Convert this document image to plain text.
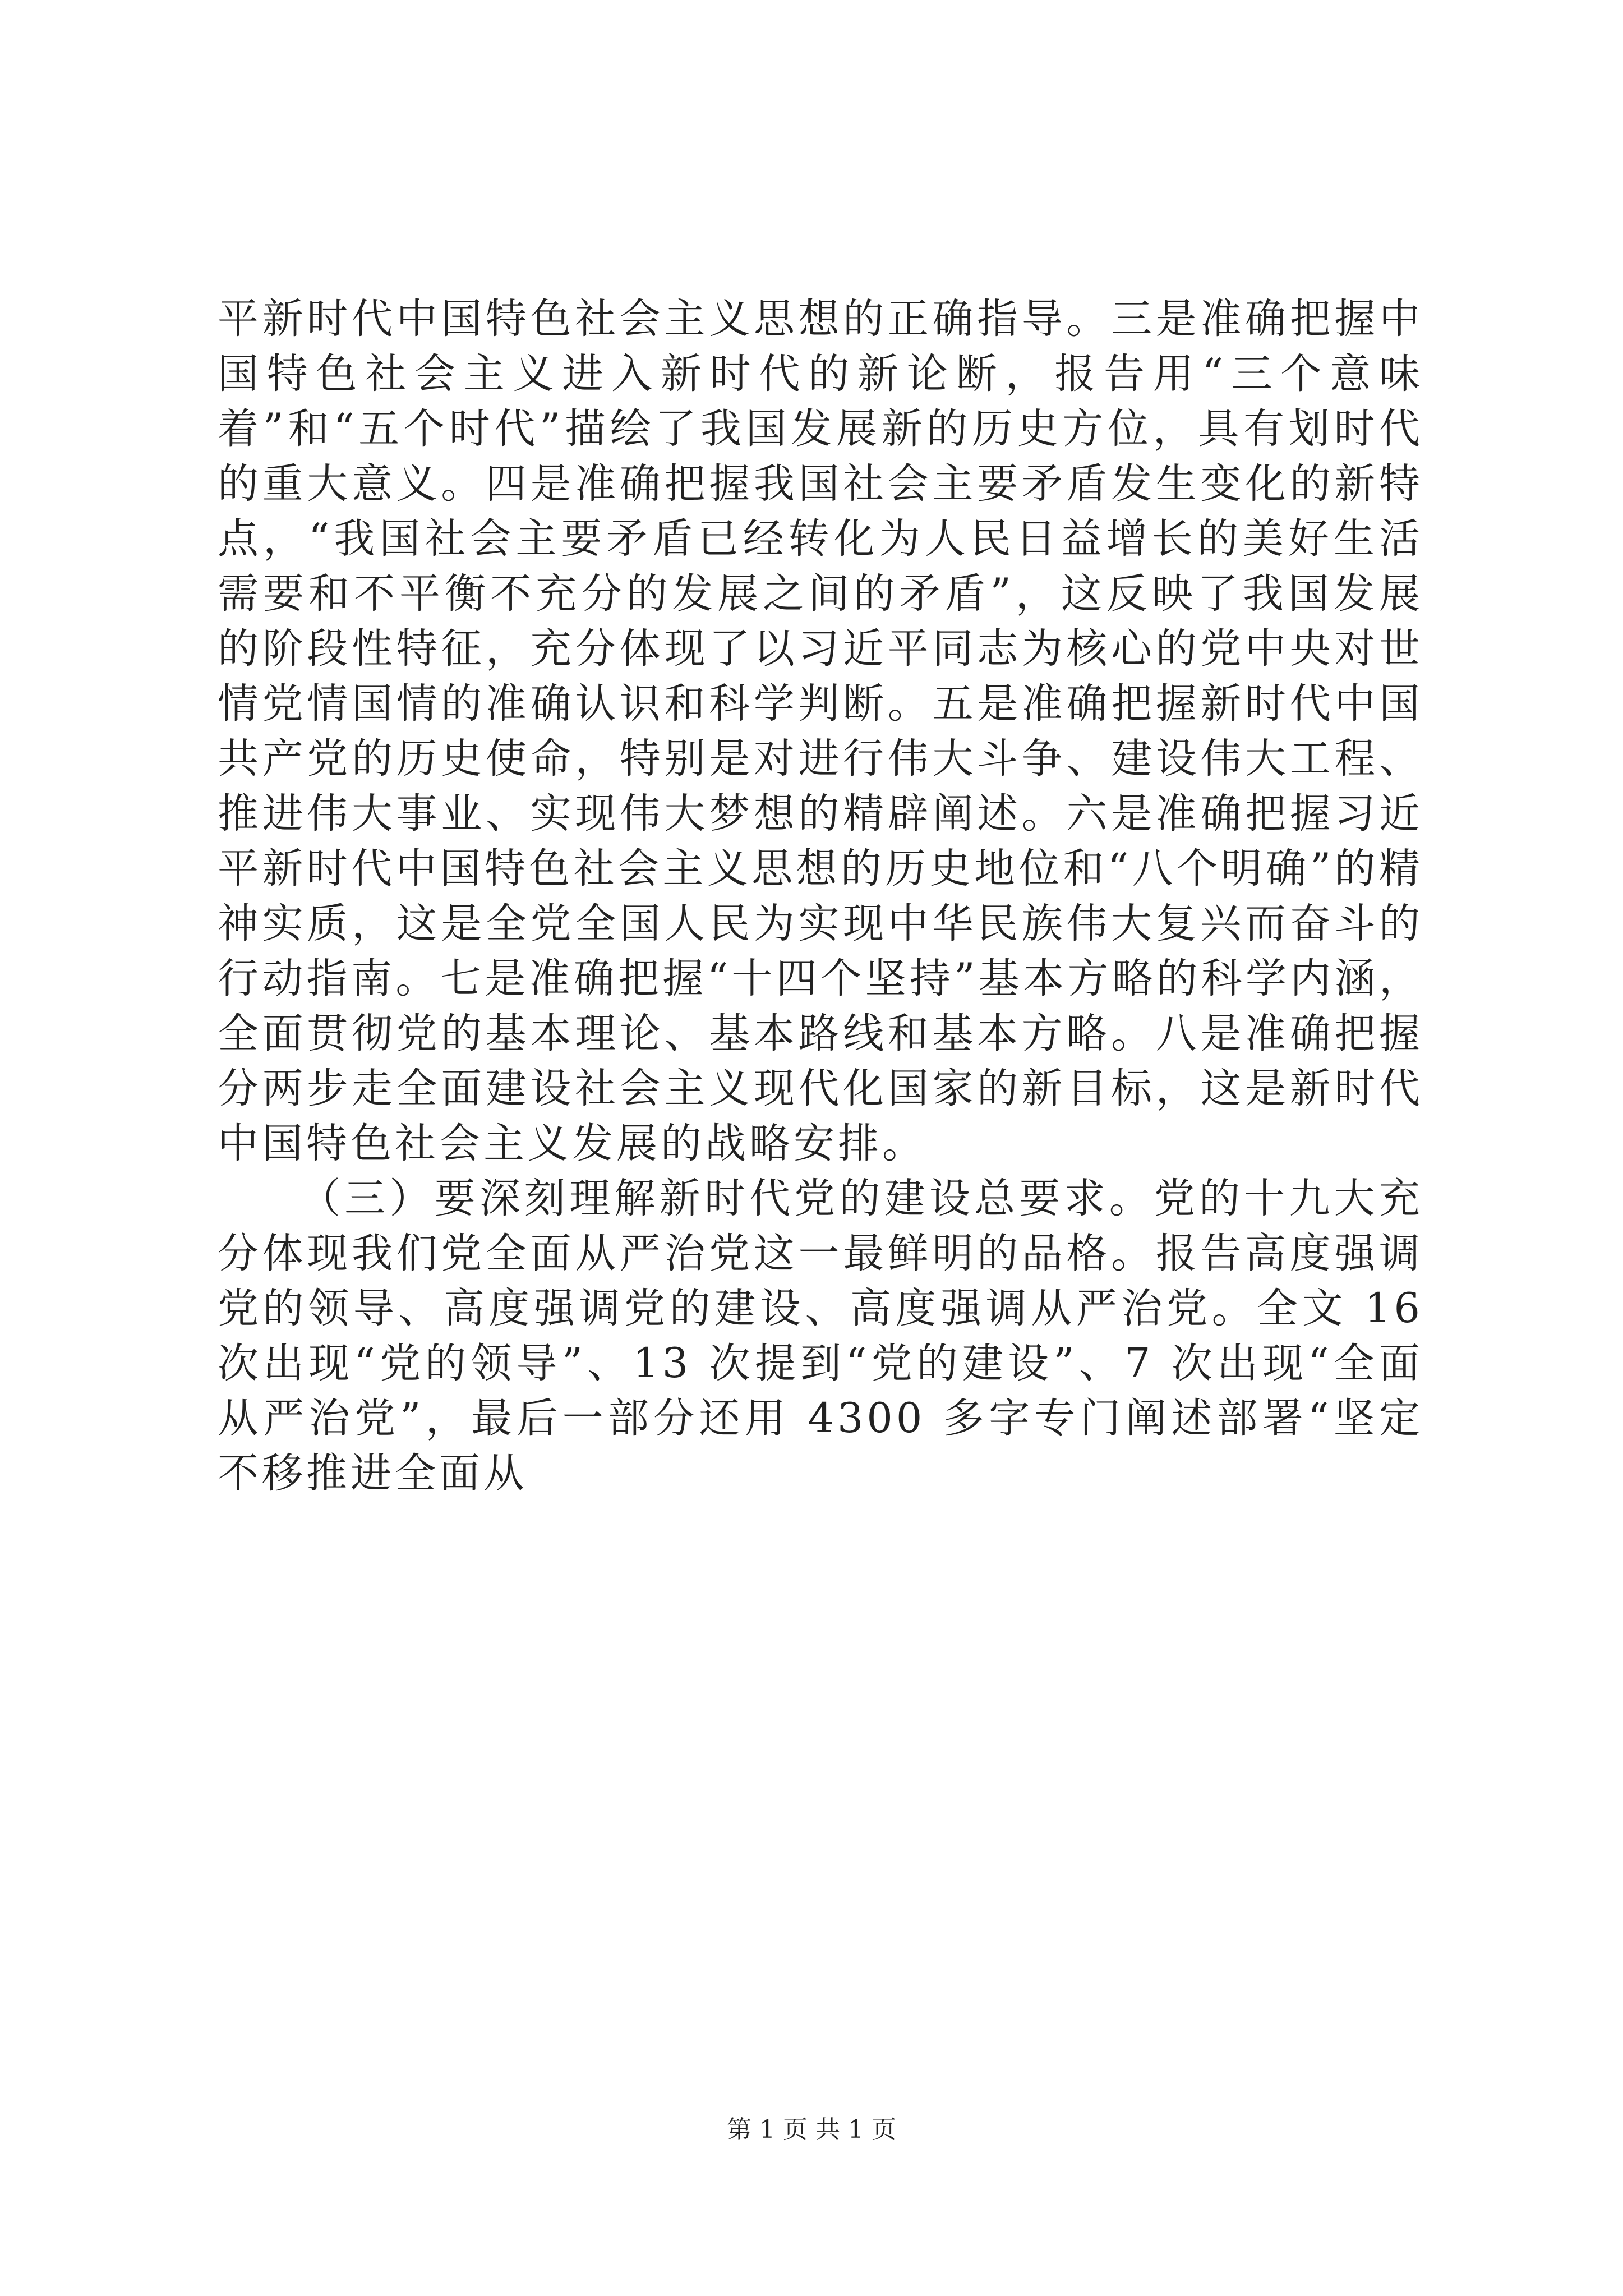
平新时代中国特色社会主义思想的正确指导。三是准确把握中国特色社会主义进入新时代的新论断，报告用“三个意味着”和“五个时代”描绘了我国发展新的历史方位，具有划时代的重大意义。四是准确把握我国社会主要矛盾发生变化的新特点，“我国社会主要矛盾已经转化为人民日益增长的美好生活需要和不平衡不充分的发展之间的矛盾”，这反映了我国发展的阶段性特征，充分体现了以习近平同志为核心的党中央对世情党情国情的准确认识和科学判断。五是准确把握新时代中国共产党的历史使命，特别是对进行伟大斗争、建设伟大工程、推进伟大事业、实现伟大梦想的精辟阐述。六是准确把握习近平新时代中国特色社会主义思想的历史地位和“八个明确”的精神实质，这是全党全国人民为实现中华民族伟大复兴而奋斗的行动指南。七是准确把握“十四个坚持”基本方略的科学内涵，全面贯彻党的基本理论、基本路线和基本方略。八是准确把握分两步走全面建设社会主义现代化国家的新目标，这是新时代中国特色社会主义发展的战略安排。

（三）要深刻理解新时代党的建设总要求。党的十九大充分体现我们党全面从严治党这一最鲜明的品格。报告高度强调党的领导、高度强调党的建设、高度强调从严治党。全文 16 次出现“党的领导”、13 次提到“党的建设”、7 次出现“全面从严治党”，最后一部分还用 4300 多字专门阐述部署“坚定不移推进全面从

第 1 页 共 1 页
